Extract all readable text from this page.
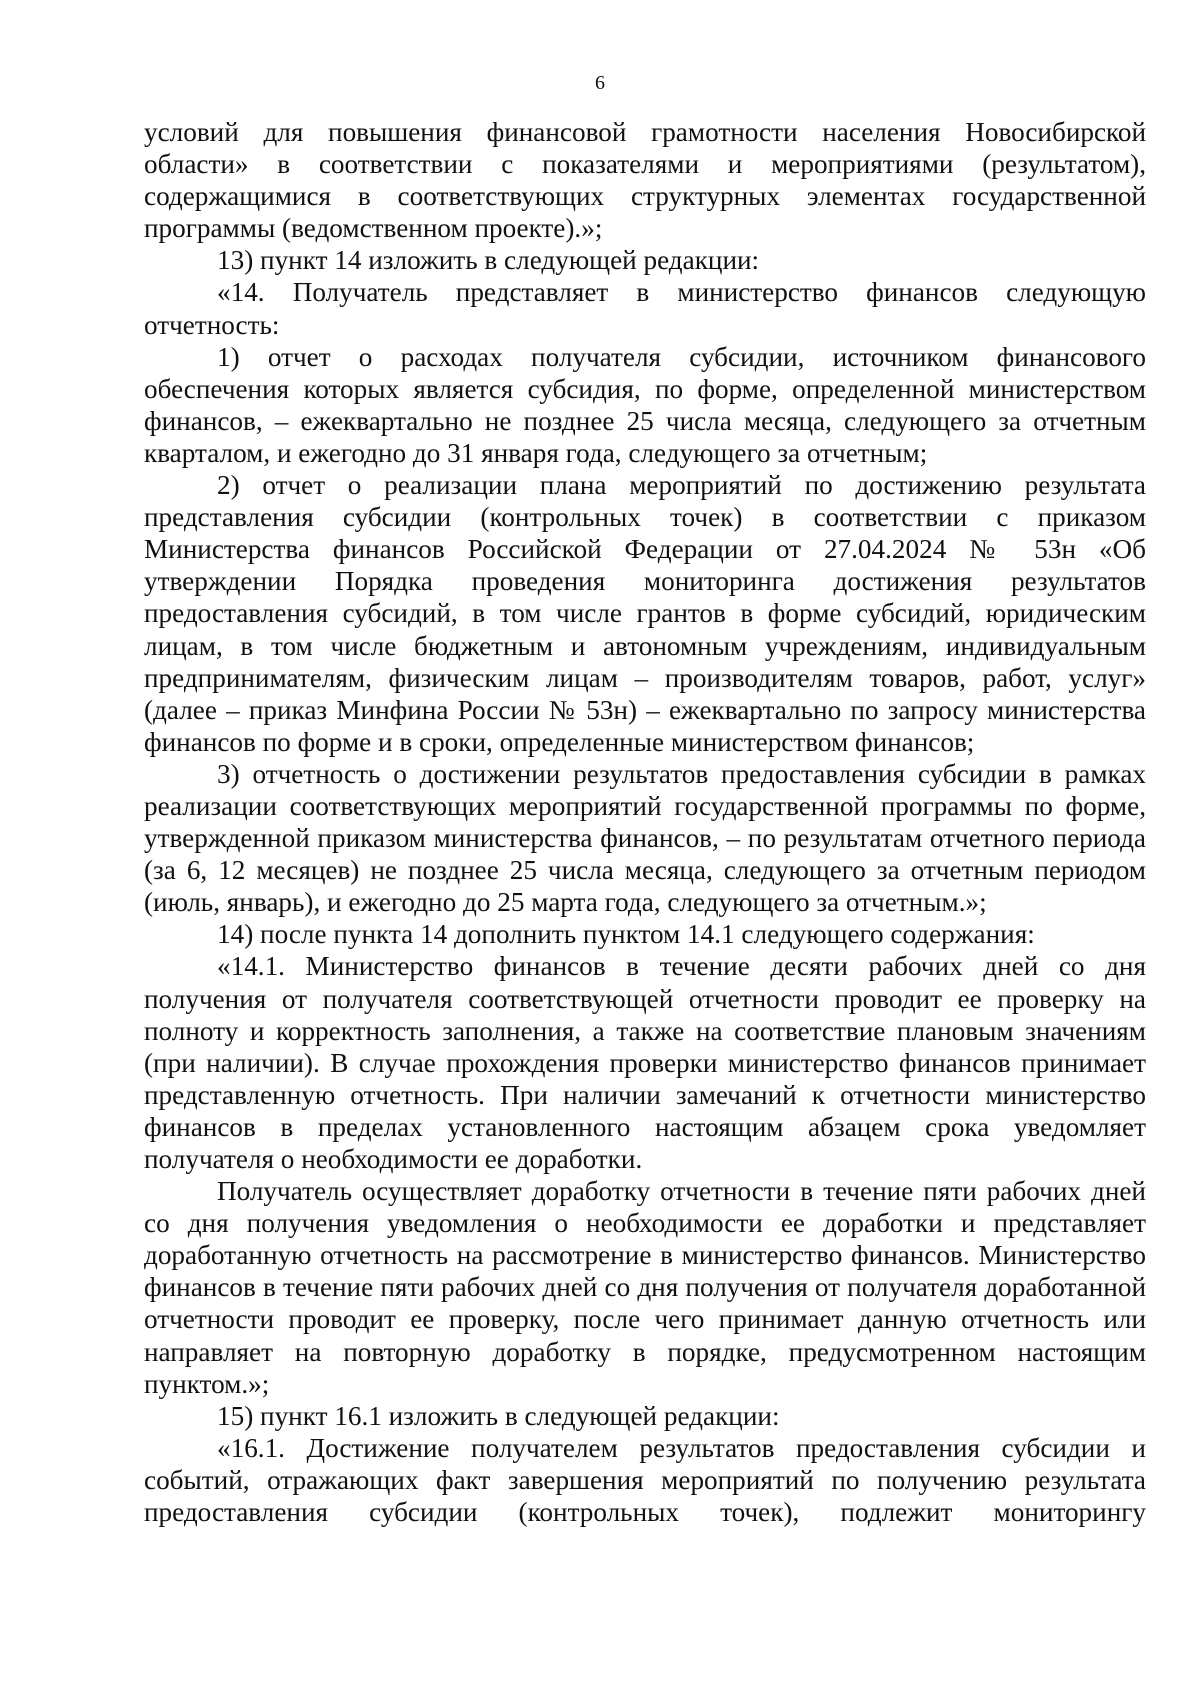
6

условий для повышения финансовой грамотности населения Новосибирской области» в соответствии с показателями и мероприятиями (результатом), содержащимися в соответствующих структурных элементах государственной программы (ведомственном проекте).»;

13) пункт 14 изложить в следующей редакции:

«14. Получатель представляет в министерство финансов следующую отчетность:

1) отчет о расходах получателя субсидии, источником финансового обеспечения которых является субсидия, по форме, определенной министерством финансов, – ежеквартально не позднее 25 числа месяца, следующего за отчетным кварталом, и ежегодно до 31 января года, следующего за отчетным;

2) отчет о реализации плана мероприятий по достижению результата представления субсидии (контрольных точек) в соответствии с приказом Министерства финансов Российской Федерации от 27.04.2024 № 53н «Об утверждении Порядка проведения мониторинга достижения результатов предоставления субсидий, в том числе грантов в форме субсидий, юридическим лицам, в том числе бюджетным и автономным учреждениям, индивидуальным предпринимателям, физическим лицам – производителям товаров, работ, услуг» (далее – приказ Минфина России № 53н) – ежеквартально по запросу министерства финансов по форме и в сроки, определенные министерством финансов;

3) отчетность о достижении результатов предоставления субсидии в рамках реализации соответствующих мероприятий государственной программы по форме, утвержденной приказом министерства финансов, – по результатам отчетного периода (за 6, 12 месяцев) не позднее 25 числа месяца, следующего за отчетным периодом (июль, январь), и ежегодно до 25 марта года, следующего за отчетным.»;

14) после пункта 14 дополнить пунктом 14.1 следующего содержания:

«14.1. Министерство финансов в течение десяти рабочих дней со дня получения от получателя соответствующей отчетности проводит ее проверку на полноту и корректность заполнения, а также на соответствие плановым значениям (при наличии). В случае прохождения проверки министерство финансов принимает представленную отчетность. При наличии замечаний к отчетности министерство финансов в пределах установленного настоящим абзацем срока уведомляет получателя о необходимости ее доработки.

Получатель осуществляет доработку отчетности в течение пяти рабочих дней со дня получения уведомления о необходимости ее доработки и представляет доработанную отчетность на рассмотрение в министерство финансов. Министерство финансов в течение пяти рабочих дней со дня получения от получателя доработанной отчетности проводит ее проверку, после чего принимает данную отчетность или направляет на повторную доработку в порядке, предусмотренном настоящим пунктом.»;

15) пункт 16.1 изложить в следующей редакции:

«16.1. Достижение получателем результатов предоставления субсидии и событий, отражающих факт завершения мероприятий по получению результата предоставления субсидии (контрольных точек), подлежит мониторингу
